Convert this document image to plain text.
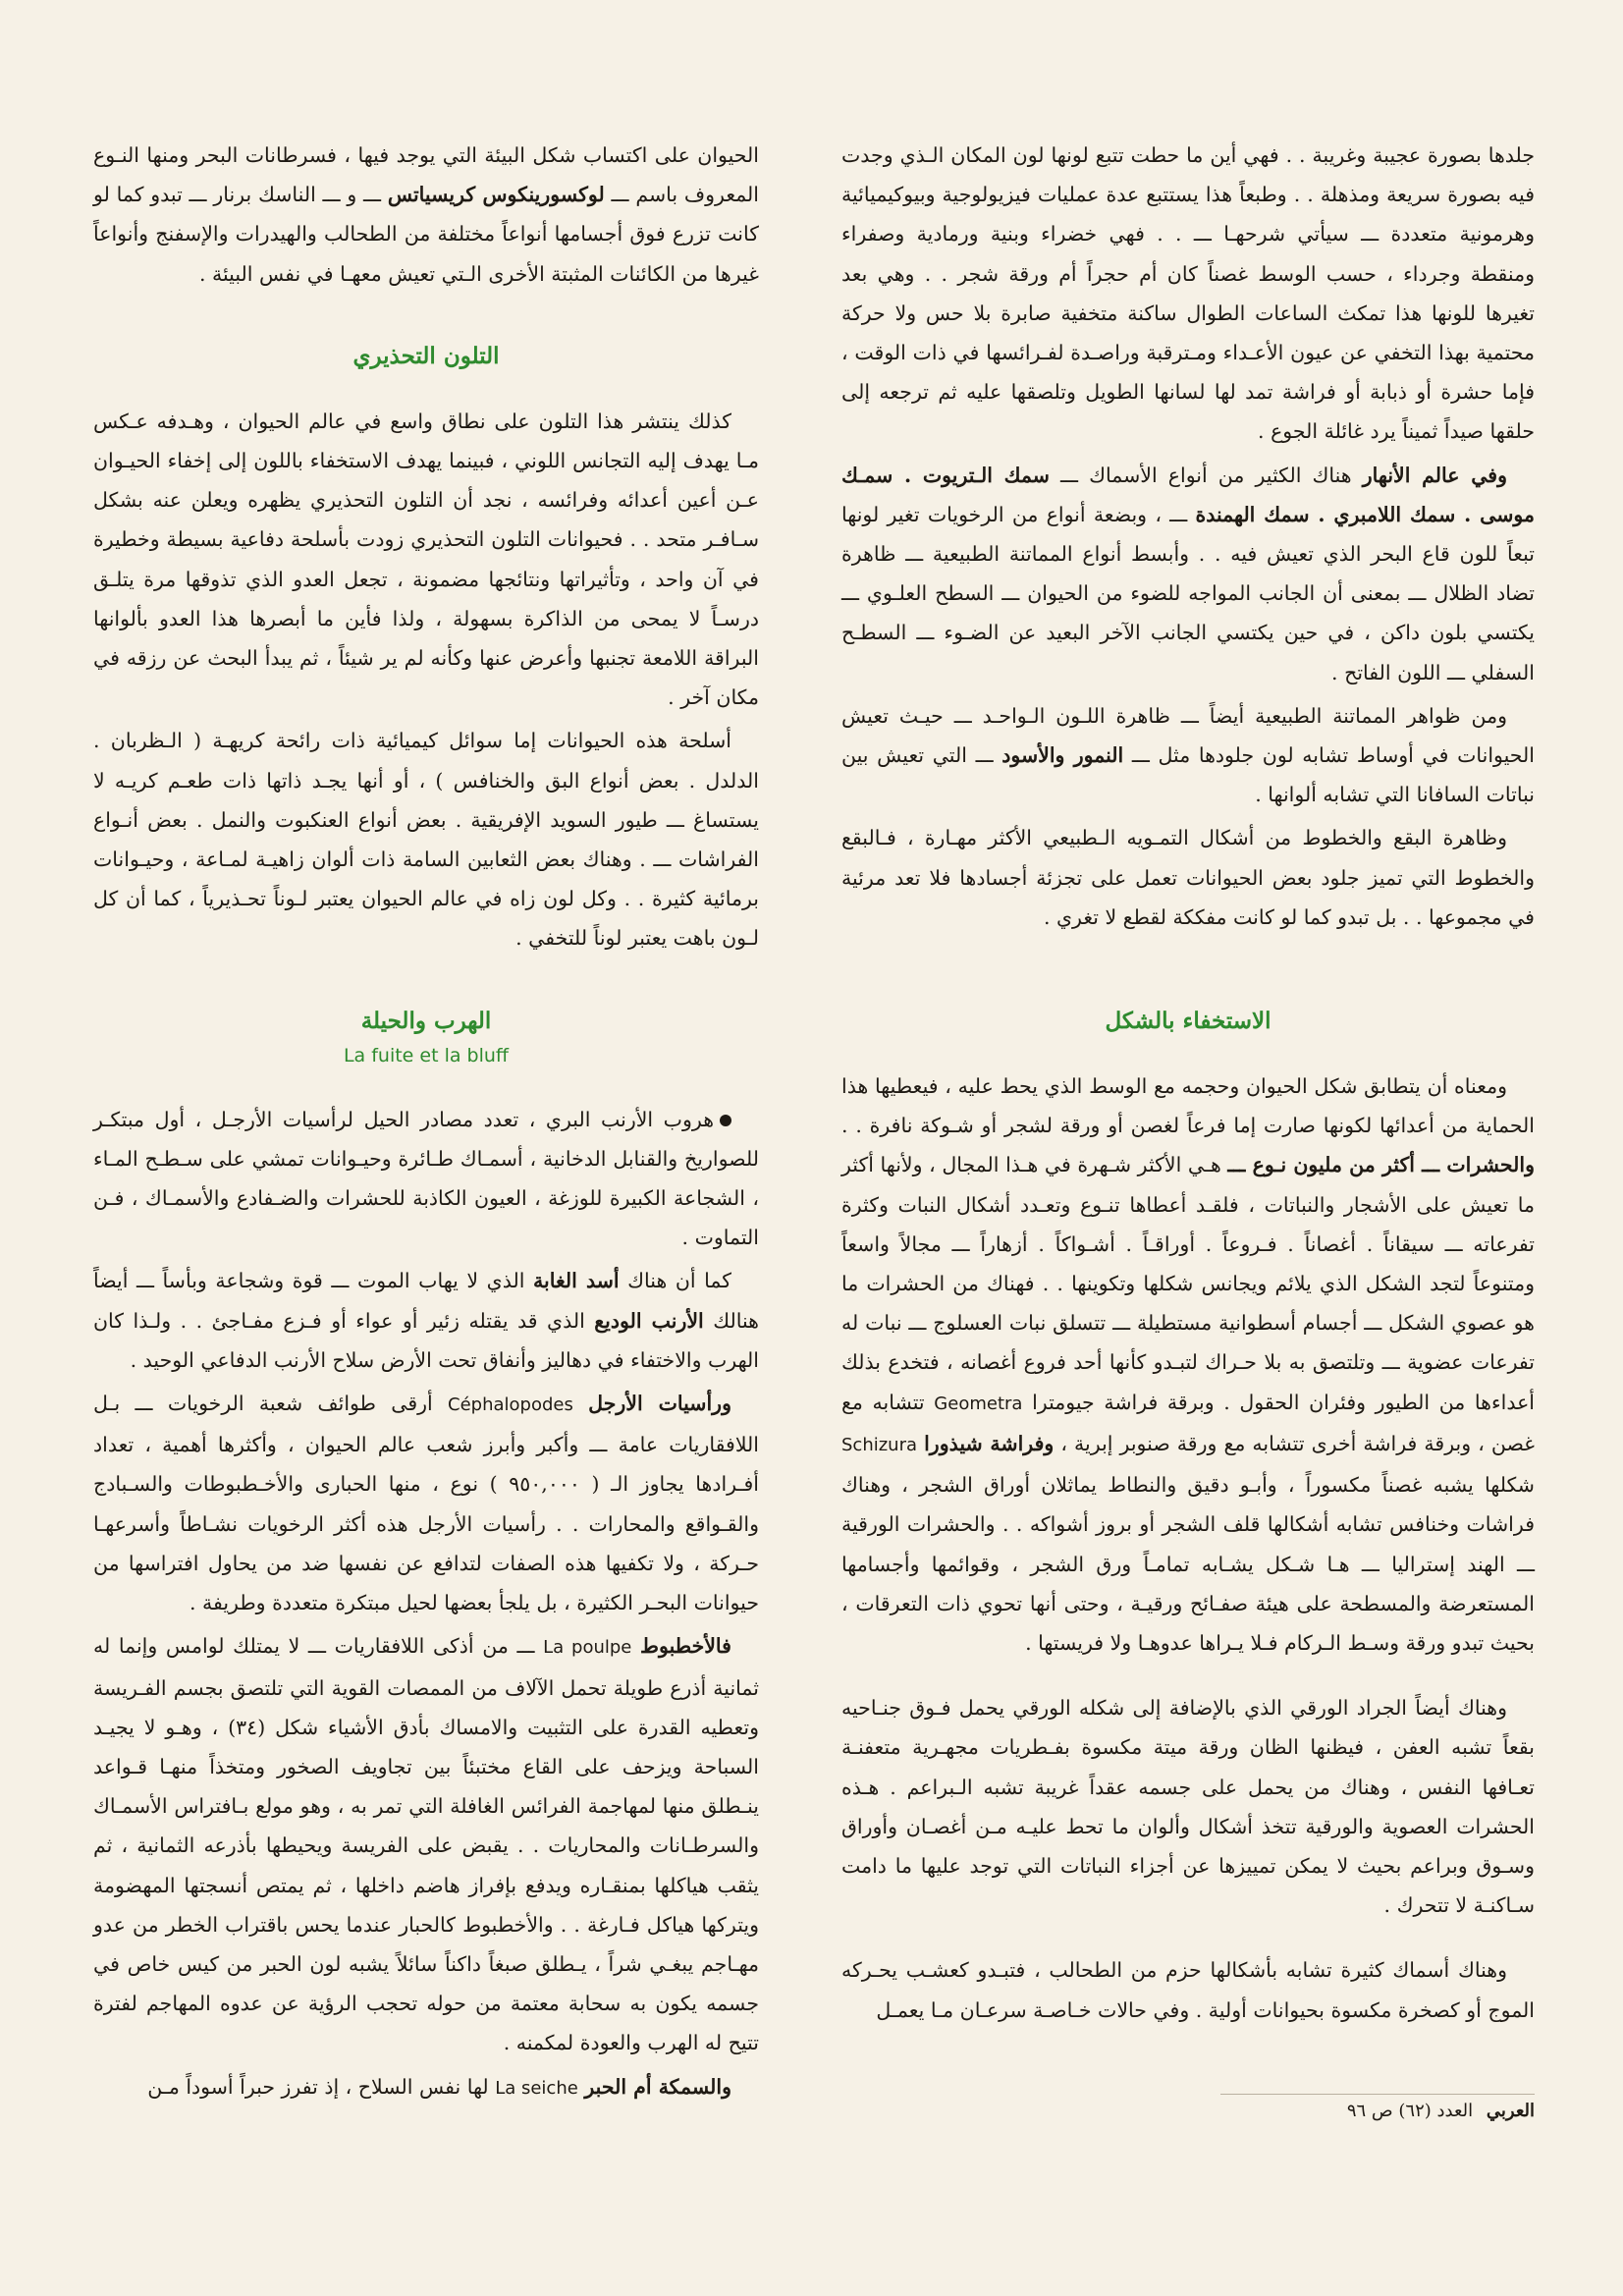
جلدها بصورة عجيبة وغريبة . . فهي أين ما حطت تتبع لونها لون المكان الـذي وجدت فيه بصورة سريعة ومذهلة . . وطبعاً هذا يستتبع عدة عمليات فيزيولوجية وبيوكيميائية وهرمونية متعددة ـــ سيأتي شرحهـا ـــ . . فهي خضراء وبنية ورمادية وصفراء ومنقطة وجرداء ، حسب الوسط غصناً كان أم حجراً أم ورقة شجر . . وهي بعد تغيرها للونها هذا تمكث الساعات الطوال ساكنة متخفية صابرة بلا حس ولا حركة محتمية بهذا التخفي عن عيون الأعـداء ومـترقبة وراصـدة لفـرائسها في ذات الوقت ، فإما حشرة أو ذبابة أو فراشة تمد لها لسانها الطويل وتلصقها عليه ثم ترجعه إلى حلقها صيداً ثميناً يرد غائلة الجوع .

وفي عالم الأنهار هناك الكثير من أنواع الأسماك ـــ سمك الـتريوت . سمـك موسى . سمك اللامبري . سمك الهمندة ـــ ، وبضعة أنواع من الرخويات تغير لونها تبعاً للون قاع البحر الذي تعيش فيه . . وأبسط أنواع المماتنة الطبيعية ـــ ظاهرة تضاد الظلال ـــ بمعنى أن الجانب المواجه للضوء من الحيوان ـــ السطح العلـوي ـــ يكتسي بلون داكن ، في حين يكتسي الجانب الآخر البعيد عن الضـوء ـــ السطـح السفلي ـــ اللون الفاتح .

ومن ظواهر المماتنة الطبيعية أيضاً ـــ ظاهرة اللـون الـواحـد ـــ حيـث تعيش الحيوانات في أوساط تشابه لون جلودها مثل ـــ النمور والأسود ـــ التي تعيش بين نباتات السافانا التي تشابه ألوانها .

وظاهرة البقع والخطوط من أشكال التمـويه الـطبيعي الأكثر مهـارة ، فـالبقع والخطوط التي تميز جلود بعض الحيوانات تعمل على تجزئة أجسادها فلا تعد مرئية في مجموعها . . بل تبدو كما لو كانت مفككة لقطع لا تغري .

الاستخفاء بالشكل

ومعناه أن يتطابق شكل الحيوان وحجمه مع الوسط الذي يحط عليه ، فيعطيها هذا الحماية من أعدائها لكونها صارت إما فرعاً لغصن أو ورقة لشجر أو شـوكة نافرة . . والحشرات ـــ أكثر من مليون نـوع ـــ هـي الأكثر شـهرة في هـذا المجال ، ولأنها أكثر ما تعيش على الأشجار والنباتات ، فلقـد أعطاها تنـوع وتعـدد أشكال النبات وكثرة تفرعاته ـــ سيقاناً . أغصاناً . فـروعاً . أوراقـاً . أشـواكاً . أزهاراً ـــ مجالاً واسعاً ومتنوعاً لتجد الشكل الذي يلائم ويجانس شكلها وتكوينها . . فهناك من الحشرات ما هو عصوي الشكل ـــ أجسام أسطوانية مستطيلة ـــ تتسلق نبات العسلوج ـــ نبات له تفرعات عضوية ـــ وتلتصق به بلا حـراك لتبـدو كأنها أحد فروع أغصانه ، فتخدع بذلك أعداءها من الطيور وفئران الحقول . وبرقة فراشة جيومترا Geometra تتشابه مع غصن ، وبرقة فراشة أخرى تتشابه مع ورقة صنوبر إبرية ، وفراشة شيذورا Schizura شكلها يشبه غصناً مكسوراً ، وأبـو دقيق والنطاط يماثلان أوراق الشجر ، وهناك فراشات وخنافس تشابه أشكالها قلف الشجر أو بروز أشواكه . . والحشرات الورقية ـــ الهند إستراليا ـــ هـا شـكل يشـابه تمامـاً ورق الشجر ، وقوائمها وأجسامها المستعرضة والمسطحة على هيئة صفـائح ورقيـة ، وحتى أنها تحوي ذات التعرقات ، بحيث تبدو ورقة وسـط الـركام فـلا يـراها عدوهـا ولا فريستها .

وهناك أيضاً الجراد الورقي الذي بالإضافة إلى شكله الورقي يحمل فـوق جنـاحيه بقعاً تشبه العفن ، فيظنها الظان ورقة ميتة مكسوة بفـطريات مجهـرية متعفنـة تعـافها النفس ، وهناك من يحمل على جسمه عقداً غريبة تشبه الـبراعم . هـذه الحشرات العصوية والورقية تتخذ أشكال وألوان ما تحط عليـه مـن أغصـان وأوراق وسـوق وبراعم بحيث لا يمكن تمييزها عن أجزاء النباتات التي توجد عليها ما دامت سـاكنـة لا تتحرك .

وهناك أسماك كثيرة تشابه بأشكالها حزم من الطحالب ، فتبـدو كعشـب يحـركه الموج أو كصخرة مكسوة بحيوانات أولية . وفي حالات خـاصـة سرعـان مـا يعمـل

الحيوان على اكتساب شكل البيئة التي يوجد فيها ، فسرطانات البحر ومنها النـوع المعروف باسم ـــ لوكسورينكوس كريسياتس ـــ و ـــ الناسك برنار ـــ تبدو كما لو كانت تزرع فوق أجسامها أنواعاً مختلفة من الطحالب والهيدرات والإسفنج وأنواعاً غيرها من الكائنات المثبتة الأخرى الـتي تعيش معهـا في نفس البيئة .

التلون التحذيري

كذلك ينتشر هذا التلون على نطاق واسع في عالم الحيوان ، وهـدفه عـكس مـا يهدف إليه التجانس اللوني ، فبينما يهدف الاستخفاء باللون إلى إخفاء الحيـوان عـن أعين أعدائه وفرائسه ، نجد أن التلون التحذيري يظهره ويعلن عنه بشكل سـافـر متحد . . فحيوانات التلون التحذيري زودت بأسلحة دفاعية بسيطة وخطيرة في آن واحد ، وتأثيراتها ونتائجها مضمونة ، تجعل العدو الذي تذوقها مرة يتلـق درسـاً لا يمحى من الذاكرة بسهولة ، ولذا فأين ما أبصرها هذا العدو بألوانها البراقة اللامعة تجنبها وأعرض عنها وكأنه لم ير شيئاً ، ثم يبدأ البحث عن رزقه في مكان آخر .

أسلحة هذه الحيوانات إما سوائل كيميائية ذات رائحة كريهـة ( الـظربان . الدلدل . بعض أنواع البق والخنافس ) ، أو أنها يجـد ذاتها ذات طعـم كريـه لا يستساغ ـــ طيور السويد الإفريقية . بعض أنواع العنكبوت والنمل . بعض أنـواع الفراشات ـــ . وهناك بعض الثعابين السامة ذات ألوان زاهيـة لمـاعة ، وحيـوانات برمائية كثيرة . . وكل لون زاه في عالم الحيوان يعتبر لـوناً تحـذيرياً ، كما أن كل لـون باهت يعتبر لوناً للتخفي .

الهرب والحيلة
La fuite et la bluff

هروب الأرنب البري ، تعدد مصادر الحيل لرأسيات الأرجـل ، أول مبتكـر للصواريخ والقنابل الدخانية ، أسمـاك طـائرة وحيـوانات تمشي على سـطـح المـاء ، الشجاعة الكبيرة للوزغة ، العيون الكاذبة للحشرات والضـفادع والأسمـاك ، فـن التماوت .

كما أن هناك أسد الغابة الذي لا يهاب الموت ـــ قوة وشجاعة وبأساً ـــ أيضاً هنالك الأرنب الوديع الذي قد يقتله زئير أو عواء أو فـزع مفـاجئ . . ولـذا كان الهرب والاختفاء في دهاليز وأنفاق تحت الأرض سلاح الأرنب الدفاعي الوحيد .

ورأسيات الأرجل Céphalopodes أرقى طوائف شعبة الرخويات ـــ بـل اللافقاريات عامة ـــ وأكبر وأبرز شعب عالم الحيوان ، وأكثرها أهمية ، تعداد أفـرادها يجاوز الـ ( ٩٥٠,٠٠٠ ) نوع ، منها الحبارى والأخـطبوطات والسـبادج والقـواقع والمحارات . . رأسيات الأرجل هذه أكثر الرخويات نشـاطاً وأسرعهـا حـركة ، ولا تكفيها هذه الصفات لتدافع عن نفسها ضد من يحاول افتراسها من حيوانات البحـر الكثيرة ، بل يلجأ بعضها لحيل مبتكرة متعددة وطريفة .

فالأخطبوط La poulpe ـــ من أذكى اللافقاريات ـــ لا يمتلك لوامس وإنما له ثمانية أذرع طويلة تحمل الآلاف من الممصات القوية التي تلتصق بجسم الفـريسة وتعطيه القدرة على التثبيت والامساك بأدق الأشياء شكل (٣٤) ، وهـو لا يجيـد السباحة ويزحف على القاع مختبئاً بين تجاويف الصخور ومتخذاً منهـا قـواعد ينـطلق منها لمهاجمة الفرائس الغافلة التي تمر به ، وهو مولع بـافتراس الأسمـاك والسرطـانات والمحاريات . . يقبض على الفريسة ويحيطها بأذرعه الثمانية ، ثم يثقب هياكلها بمنقـاره ويدفع بإفراز هاضم داخلها ، ثم يمتص أنسجتها المهضومة ويتركها هياكل فـارغة . . والأخطبوط كالحبار عندما يحس باقتراب الخطر من عدو مهـاجم يبغـي شراً ، يـطلق صبغاً داكناً سائلاً يشبه لون الحبر من كيس خاص في جسمه يكون به سحابة معتمة من حوله تحجب الرؤية عن عدوه المهاجم لفترة تتيح له الهرب والعودة لمكمنه .

والسمكة أم الحبر La seiche لها نفس السلاح ، إذ تفرز حبراً أسوداً مـن

العربي العدد (٦٢) ص ٩٦
